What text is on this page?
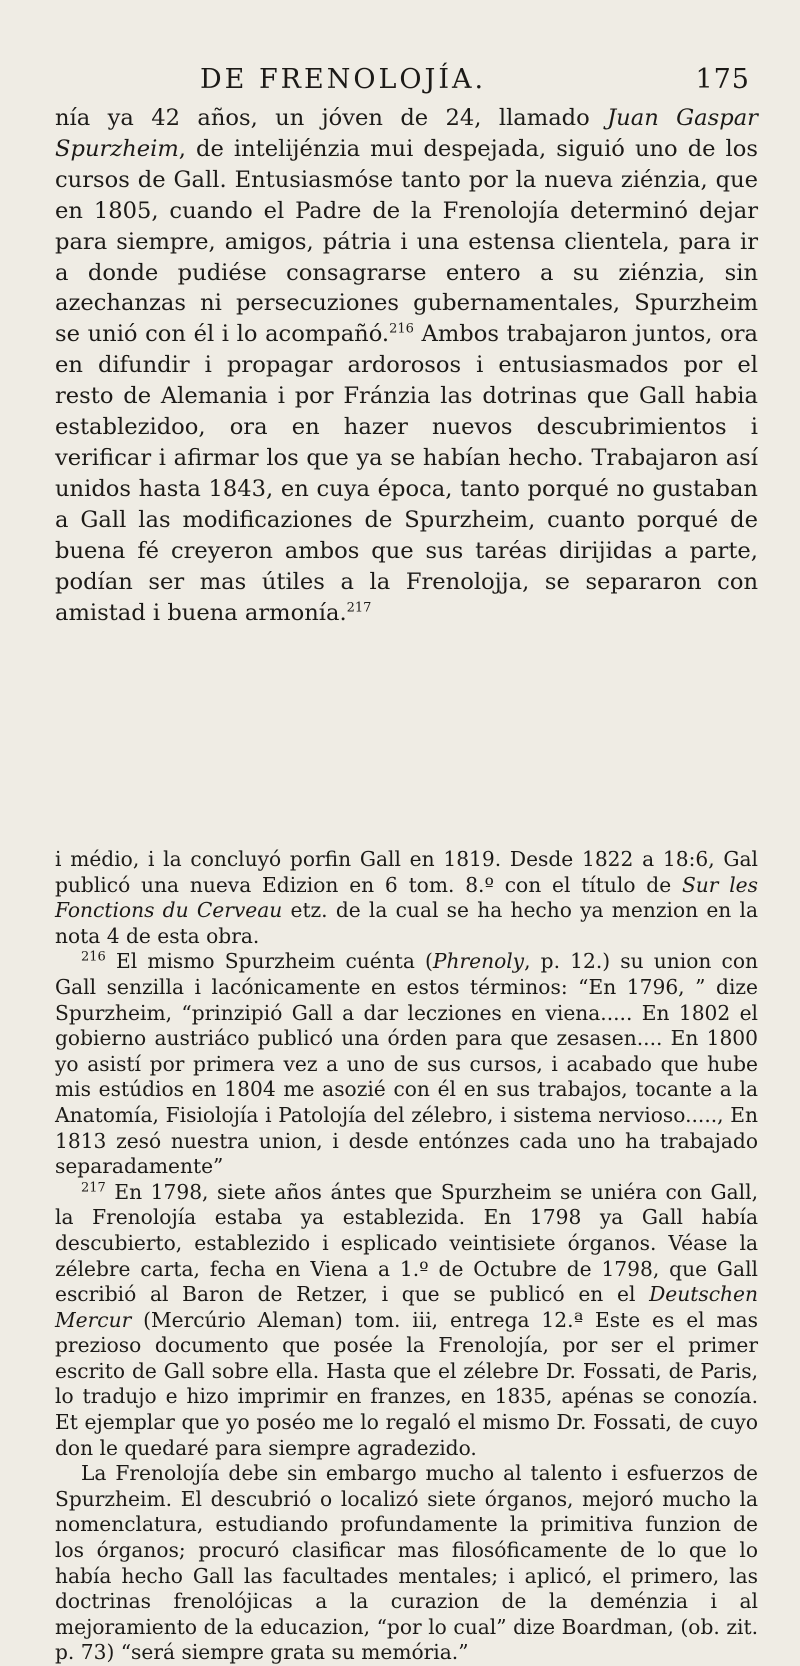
DE FRENOLOJÍA.	175

nía ya 42 años, un jóven de 24, llamado Juan Gaspar Spurzheim, de intelijénzia mui despejada, siguió uno de los cursos de Gall. Entusiasmóse tanto por la nueva ziénzia, que en 1805, cuando el Padre de la Frenolojía determinó dejar para siempre, amigos, pátria i una estensa clientela, para ir a donde pudiése consagrarse entero a su ziénzia, sin azechanzas ni persecuziones gubernamentales, Spurzheim se unió con él i lo acompañó.$^{216}$ Ambos trabajaron juntos, ora en difundir i propagar ardorosos i entusiasmados por el resto de Alemania i por Fránzia las dotrinas que Gall habia establezidoo, ora en hazer nuevos descubrimientos i verificar i afirmar los que ya se habían hecho. Trabajaron así unidos hasta 1843, en cuya época, tanto porqué no gustaban a Gall las modificaziones de Spurzheim, cuanto porqué de buena fé creyeron ambos que sus taréas dirijidas a parte, podían ser mas útiles a la Frenolojja, se separaron con amistad i buena armonía.$^{217}$

i médio, i la concluyó porfin Gall en 1819. Desde 1822 a 18:6, Gal publicó una nueva Edizion en 6 tom. 8.º con el título de Sur les Fonctions du Cerveau etz. de la cual se ha hecho ya menzion en la nota 4 de esta obra.

$^{216}$ El mismo Spurzheim cuénta (Phrenoly, p. 12.) su union con Gall senzilla i lacónicamente en estos términos: “En 1796, ” dize Spurzheim, “prinzipió Gall a dar lecziones en viena..... En 1802 el gobierno austriáco publicó una órden para que zesasen.... En 1800 yo asistí por primera vez a uno de sus cursos, i acabado que hube mis estúdios en 1804 me asozié con él en sus trabajos, tocante a la Anatomía, Fisiolojía i Patolojía del zélebro, i sistema nervioso....., En 1813 zesó nuestra union, i desde entónzes cada uno ha trabajado separadamente”

$^{217}$ En 1798, siete años ántes que Spurzheim se uniéra con Gall, la Frenolojía estaba ya establezida. En 1798 ya Gall había descubierto, establezido i esplicado veintisiete órganos. Véase la zélebre carta, fecha en Viena a 1.º de Octubre de 1798, que Gall escribió al Baron de Retzer, i que se publicó en el Deutschen Mercur (Mercúrio Aleman) tom. iii, entrega 12.ª Este es el mas prezioso documento que posée la Frenolojía, por ser el primer escrito de Gall sobre ella. Hasta que el zélebre Dr. Fossati, de Paris, lo tradujo e hizo imprimir en franzes, en 1835, apénas se conozía. Et ejemplar que yo poséo me lo regaló el mismo Dr. Fossati, de cuyo don le quedaré para siempre agradezido.

La Frenolojía debe sin embargo mucho al talento i esfuerzos de Spurzheim. El descubrió o localizó siete órganos, mejoró mucho la nomenclatura, estudiando profundamente la primitiva funzion de los órganos; procuró clasificar mas filosóficamente de lo que lo había hecho Gall las facultades mentales; i aplicó, el primero, las doctrinas frenolójicas a la curazion de la deménzia i al mejoramiento de la educazion, “por lo cual” dize Boardman, (ob. zit. p. 73) “será siempre grata su memória.”
